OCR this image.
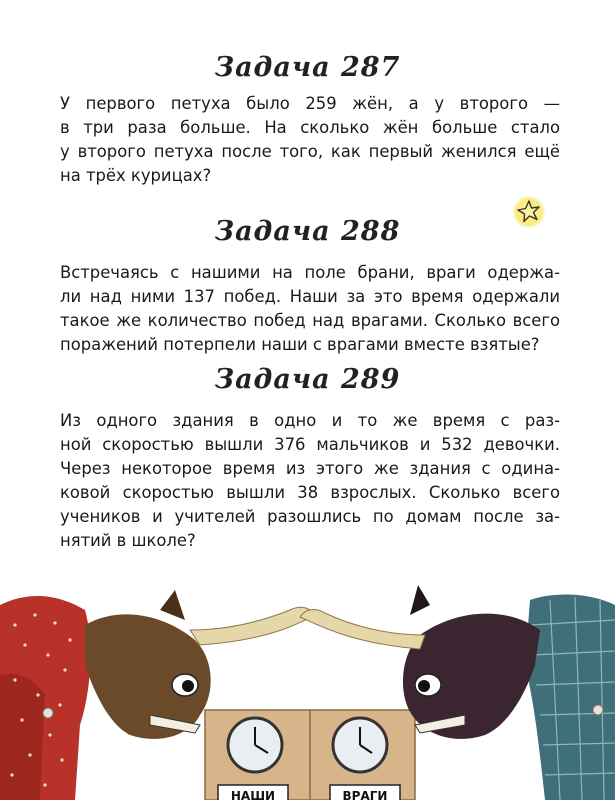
Задача 287
У первого петуха было 259 жён, а у второго —
в три раза больше. На сколько жён больше стало
у второго петуха после того, как первый женился ещё
на трёх курицах?
Задача 288
Встречаясь с нашими на поле брани, враги одержа-
ли над ними 137 побед. Наши за это время одержали
такое же количество побед над врагами. Сколько всего
поражений потерпели наши с врагами вместе взятые?
Задача 289
Из одного здания в одно и то же время с раз-
ной скоростью вышли 376 мальчиков и 532 девочки.
Через некоторое время из этого же здания с одина-
ковой скоростью вышли 38 взрослых. Сколько всего
учеников и учителей разошлись по домам после за-
нятий в школе?
НАШИ	ВРАГИ
